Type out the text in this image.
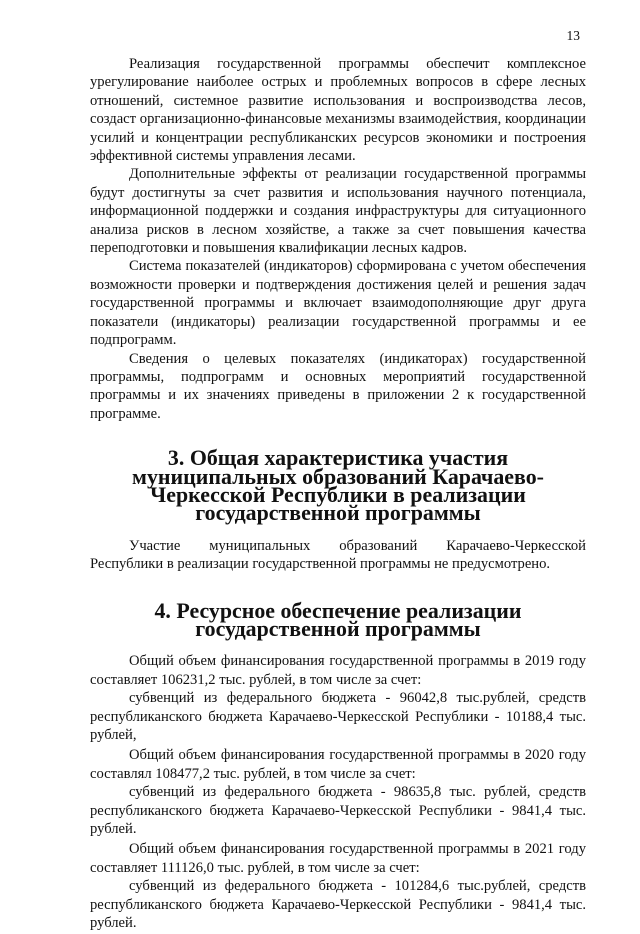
13

Реализация государственной программы обеспечит комплексное урегулирование наиболее острых и проблемных вопросов в сфере лесных отношений, системное развитие использования и воспроизводства лесов, создаст организационно-финансовые механизмы взаимодействия, координации усилий и концентрации республиканских ресурсов экономики и построения эффективной системы управления лесами.

Дополнительные эффекты от реализации государственной программы будут достигнуты за счет развития и использования научного потенциала, информационной поддержки и создания инфраструктуры для ситуационного анализа рисков в лесном хозяйстве, а также за счет повышения качества переподготовки и повышения квалификации лесных кадров.

Система показателей (индикаторов) сформирована с учетом обеспечения возможности проверки и подтверждения достижения целей и решения задач государственной программы и включает взаимодополняющие друг друга показатели (индикаторы) реализации государственной программы и ее подпрограмм.

Сведения о целевых показателях (индикаторах) государственной программы, подпрограмм и основных мероприятий государственной программы и их значениях приведены в приложении 2 к государственной программе.

3. Общая характеристика участия муниципальных образований Карачаево-Черкесской Республики в реализации государственной программы

Участие муниципальных образований Карачаево-Черкесской Республики в реализации государственной программы не предусмотрено.

4. Ресурсное обеспечение реализации государственной программы

Общий объем финансирования государственной программы в 2019 году составляет 106231,2 тыс. рублей, в том числе за счет:

субвенций из федерального бюджета - 96042,8 тыс.рублей, средств республиканского бюджета Карачаево-Черкесской Республики - 10188,4 тыс. рублей,

Общий объем финансирования государственной программы в 2020 году составлял 108477,2 тыс. рублей, в том числе за счет:

субвенций из федерального бюджета - 98635,8 тыс. рублей, средств республиканского бюджета Карачаево-Черкесской Республики - 9841,4 тыс. рублей.

Общий объем финансирования государственной программы в 2021 году составляет 111126,0 тыс. рублей, в том числе за счет:

субвенций из федерального бюджета - 101284,6 тыс.рублей, средств республиканского бюджета Карачаево-Черкесской Республики - 9841,4 тыс. рублей.
